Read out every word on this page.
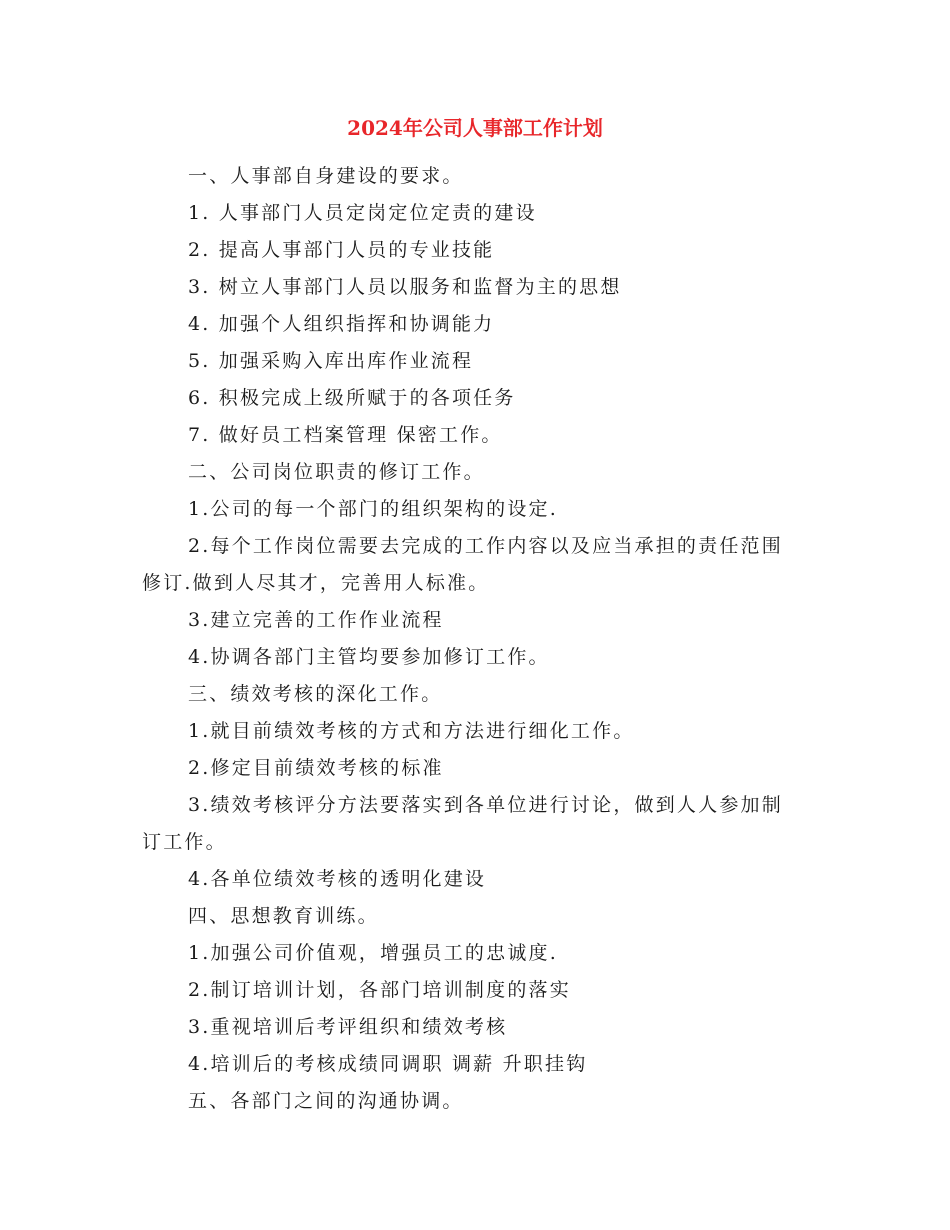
2024年公司人事部工作计划
一、人事部自身建设的要求。
1. 人事部门人员定岗定位定责的建设
2. 提高人事部门人员的专业技能
3. 树立人事部门人员以服务和监督为主的思想
4. 加强个人组织指挥和协调能力
5. 加强采购入库出库作业流程
6. 积极完成上级所赋于的各项任务
7. 做好员工档案管理 保密工作。
二、公司岗位职责的修订工作。
1.公司的每一个部门的组织架构的设定.
2.每个工作岗位需要去完成的工作内容以及应当承担的责任范围修订.做到人尽其才，完善用人标准。
3.建立完善的工作作业流程
4.协调各部门主管均要参加修订工作。
三、绩效考核的深化工作。
1.就目前绩效考核的方式和方法进行细化工作。
2.修定目前绩效考核的标准
3.绩效考核评分方法要落实到各单位进行讨论，做到人人参加制订工作。
4.各单位绩效考核的透明化建设
四、思想教育训练。
1.加强公司价值观，增强员工的忠诚度.
2.制订培训计划，各部门培训制度的落实
3.重视培训后考评组织和绩效考核
4.培训后的考核成绩同调职 调薪 升职挂钩
五、各部门之间的沟通协调。
